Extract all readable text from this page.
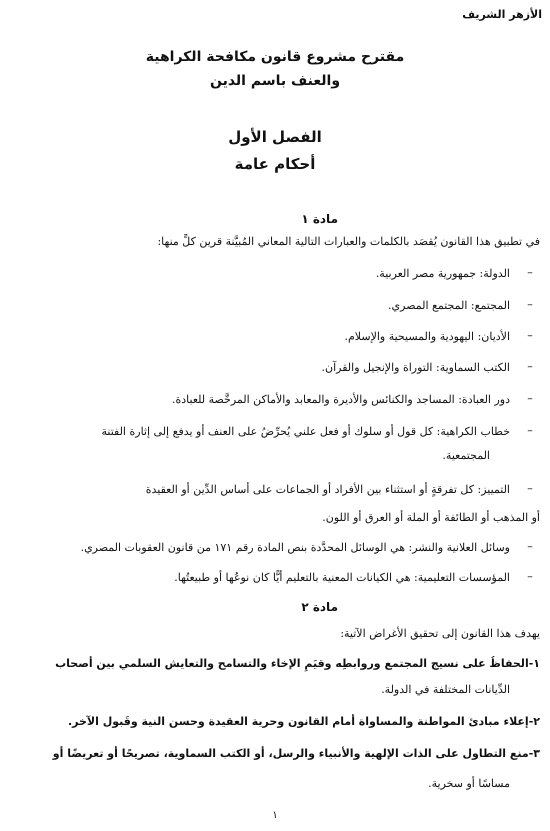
الأزهر الشريف
مقترح مشروع قانون مكافحة الكراهية
والعنف باسم الدين
الفصل الأول
أحكام عامة
مادة ١
في تطبيق هذا القانون يُقصَد بالكلمات والعبارات التالية المعاني المُبيَّنة قرين كلٍّ منها:
–
الدولة: جمهورية مصر العربية.
–
المجتمع: المجتمع المصري.
–
الأديان: اليهودية والمسيحية والإسلام.
–
الكتب السماوية: التوراة والإنجيل والقرآن.
–
دور العبادة: المساجد والكنائس والأديرة والمعابد والأماكن المرخَّصة للعبادة.
–
خطاب الكراهية: كل قول أو سلوك أو فعل علني يُحرِّضُ على العنف أو يدفع إلى إثارة الفتنة
المجتمعية.
–
التمييز: كل تفرقةٍ أو استثناء بين الأفراد أو الجماعات على أساس الدِّين أو العقيدة
أو المذهب أو الطائفة أو الملة أو العرق أو اللون.
–
وسائل العلانية والنشر: هي الوسائل المحدَّدة بنص المادة رقم ١٧١ من قانون العقوبات المصري.
–
المؤسسات التعليمية: هي الكيانات المعنية بالتعليم أيًّا كان نوعُها أو طبيعتُها.
مادة ٢
يهدف هذا القانون إلى تحقيق الأغراض الآتية:
١-الحفاظُ على نسيج المجتمع وروابطِه وقيَمِ الإخاء والتسامح والتعايش السلمي بين أصحاب
الدِّيانات المختلفة في الدولة.
٢-إعلاء مبادئ المواطنة والمساواة أمام القانون وحرية العقيدة وحسن النية وقَبول الآخر.
٣-منع التطاول على الذات الإلهية والأنبياء والرسل، أو الكتب السماوية، تصريحًا أو تعريضًا أو
مساسًا أو سخرية.
١
